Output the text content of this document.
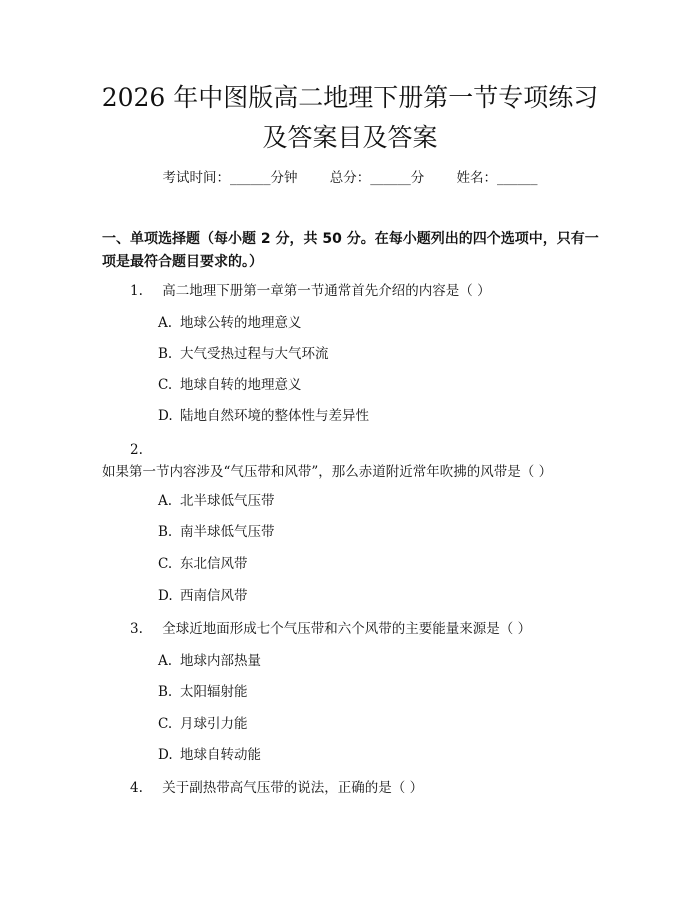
2026 年中图版高二地理下册第一节专项练习
及答案目及答案
考试时间：______分钟 总分：______分 姓名：______
一、单项选择题（每小题 2 分，共 50 分。在每小题列出的四个选项中，只有一项是最符合题目要求的。）
1. 高二地理下册第一章第一节通常首先介绍的内容是（ ）
A. 地球公转的地理意义
B. 大气受热过程与大气环流
C. 地球自转的地理意义
D. 陆地自然环境的整体性与差异性
2.如果第一节内容涉及“气压带和风带”，那么赤道附近常年吹拂的风带是（ ）
A. 北半球低气压带
B. 南半球低气压带
C. 东北信风带
D. 西南信风带
3. 全球近地面形成七个气压带和六个风带的主要能量来源是（ ）
A. 地球内部热量
B. 太阳辐射能
C. 月球引力能
D. 地球自转动能
4. 关于副热带高气压带的说法，正确的是（ ）
